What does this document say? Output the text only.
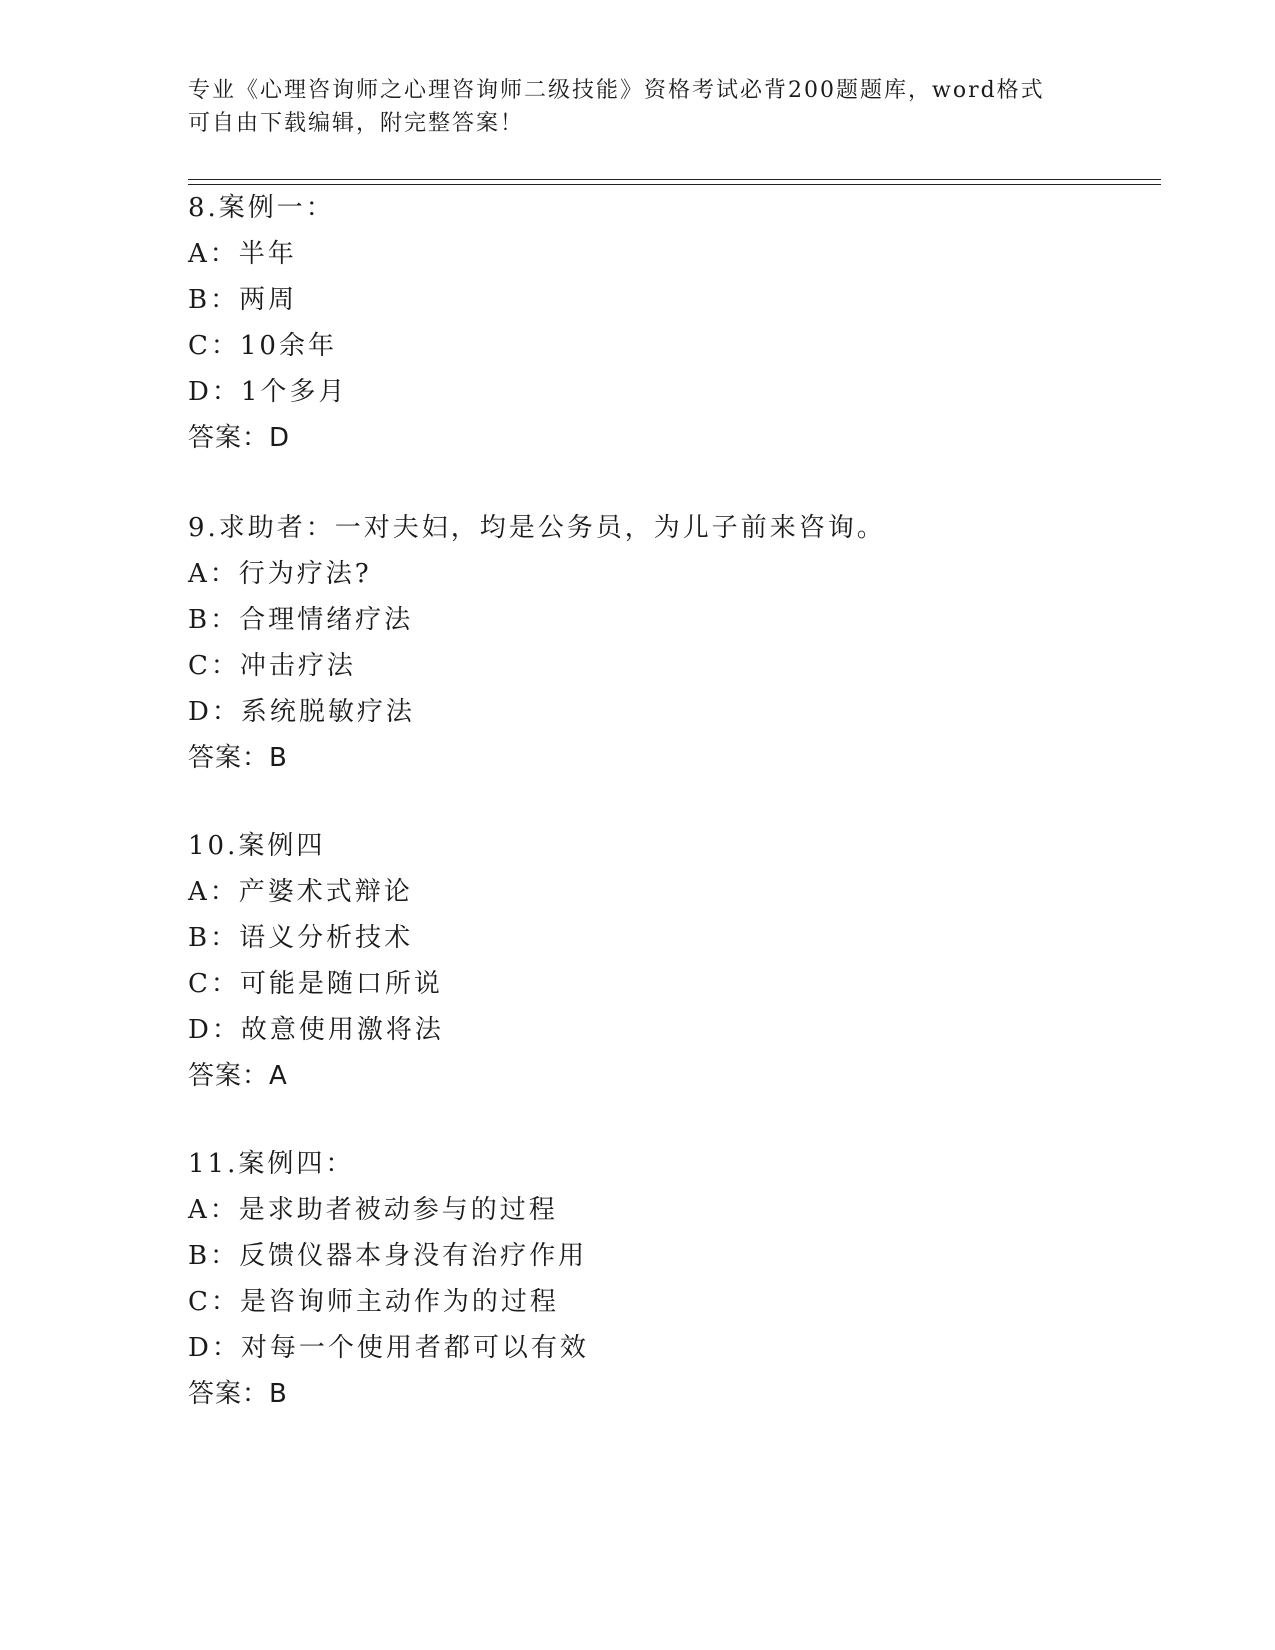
专业《心理咨询师之心理咨询师二级技能》资格考试必背200题题库，word格式
可自由下载编辑，附完整答案！
8.案例一：
A：半年
B：两周
C：10余年
D：1个多月
答案：D
9.求助者：一对夫妇，均是公务员，为儿子前来咨询。
A：行为疗法?
B：合理情绪疗法
C：冲击疗法
D：系统脱敏疗法
答案：B
10.案例四
A：产婆术式辩论
B：语义分析技术
C：可能是随口所说
D：故意使用激将法
答案：A
11.案例四：
A：是求助者被动参与的过程
B：反馈仪器本身没有治疗作用
C：是咨询师主动作为的过程
D：对每一个使用者都可以有效
答案：B
